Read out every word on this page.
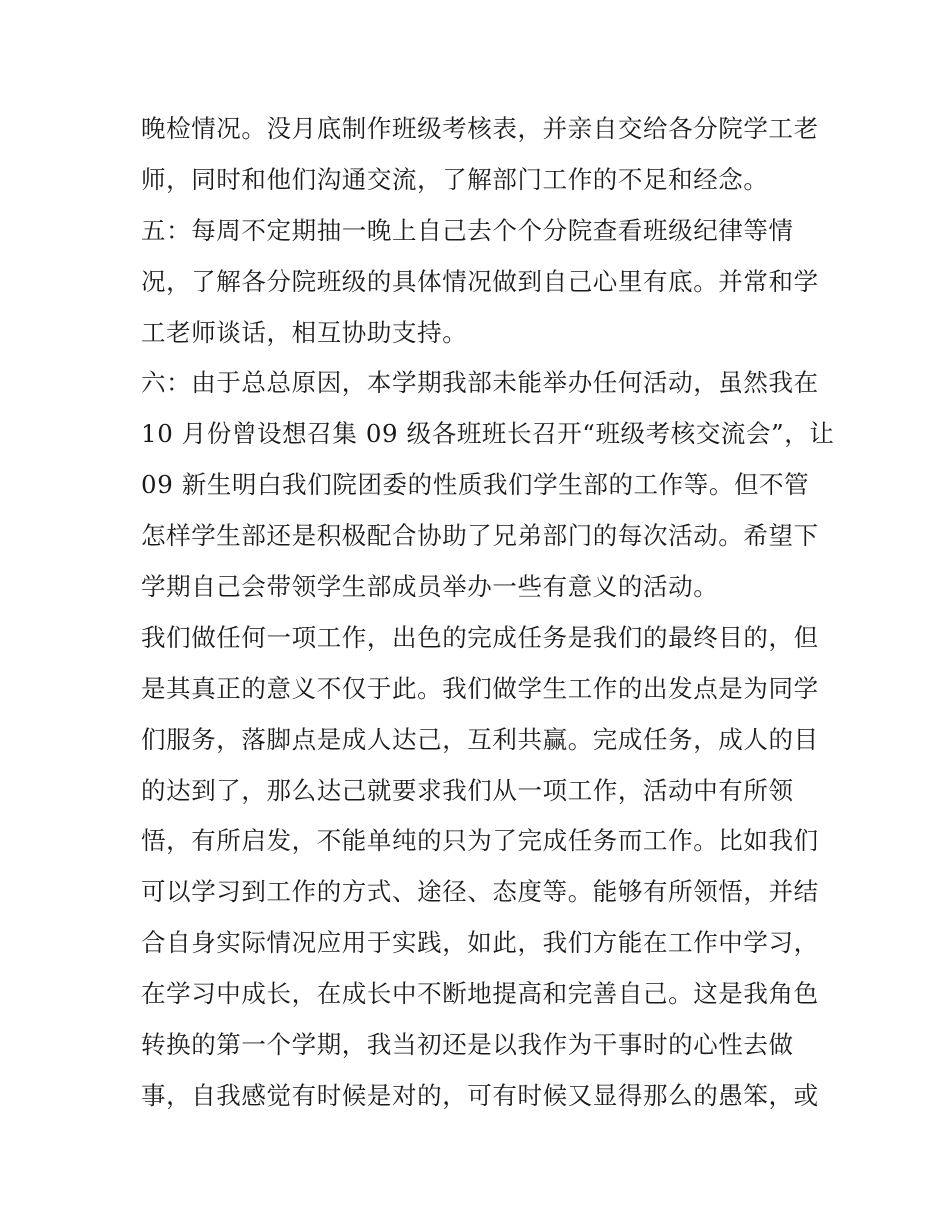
晚检情况。没月底制作班级考核表，并亲自交给各分院学工老
师，同时和他们沟通交流，了解部门工作的不足和经念。
五：每周不定期抽一晚上自己去个个分院查看班级纪律等情
况，了解各分院班级的具体情况做到自己心里有底。并常和学
工老师谈话，相互协助支持。
六：由于总总原因，本学期我部未能举办任何活动，虽然我在
10 月份曾设想召集 09 级各班班长召开“班级考核交流会”，让
09 新生明白我们院团委的性质我们学生部的工作等。但不管
怎样学生部还是积极配合协助了兄弟部门的每次活动。希望下
学期自己会带领学生部成员举办一些有意义的活动。
我们做任何一项工作，出色的完成任务是我们的最终目的，但
是其真正的意义不仅于此。我们做学生工作的出发点是为同学
们服务，落脚点是成人达己，互利共赢。完成任务，成人的目
的达到了，那么达己就要求我们从一项工作，活动中有所领
悟，有所启发，不能单纯的只为了完成任务而工作。比如我们
可以学习到工作的方式、途径、态度等。能够有所领悟，并结
合自身实际情况应用于实践，如此，我们方能在工作中学习，
在学习中成长，在成长中不断地提高和完善自己。这是我角色
转换的第一个学期，我当初还是以我作为干事时的心性去做
事，自我感觉有时候是对的，可有时候又显得那么的愚笨，或
